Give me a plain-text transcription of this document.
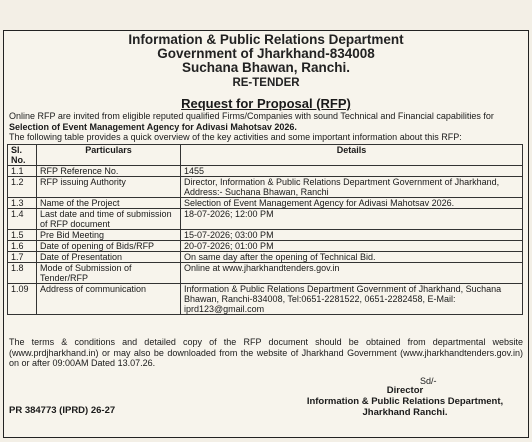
Information & Public Relations Department
Government of Jharkhand-834008
Suchana Bhawan, Ranchi.
RE-TENDER
Request for Proposal (RFP)
Online RFP are invited from eligible reputed qualified Firms/Companies with sound Technical and Financial capabilities for Selection of Event Management Agency for Adivasi Mahotsav 2026.
The following table provides a quick overview of the key activities and some important information about this RFP:
Sl. No.	Particulars	Details
1.1	RFP Reference No.	1455
1.2	RFP issuing Authority	Director, Information & Public Relations Department Government of Jharkhand, Address:- Suchana Bhawan, Ranchi
1.3	Name of the Project	Selection of Event Management Agency for Adivasi Mahotsav 2026.
1.4	Last date and time of submission of RFP document	18-07-2026; 12:00 PM
1.5	Pre Bid Meeting	15-07-2026; 03:00 PM
1.6	Date of opening of Bids/RFP	20-07-2026; 01:00 PM
1.7	Date of Presentation	On same day after the opening of Technical Bid.
1.8	Mode of Submission of Tender/RFP	Online at www.jharkhandtenders.gov.in
1.09	Address of communication	Information & Public Relations Department Government of Jharkhand, Suchana Bhawan, Ranchi-834008, Tel:0651-2281522, 0651-2282458, E-Mail: iprd123@gmail.com
The terms & conditions and detailed copy of the RFP document should be obtained from departmental website (www.prdjharkhand.in) or may also be downloaded from the website of Jharkhand Government (www.jharkhandtenders.gov.in) on or after 09:00AM Dated 13.07.26.
Sd/-
Director
Information & Public Relations Department,
Jharkhand Ranchi.
PR 384773 (IPRD) 26-27
